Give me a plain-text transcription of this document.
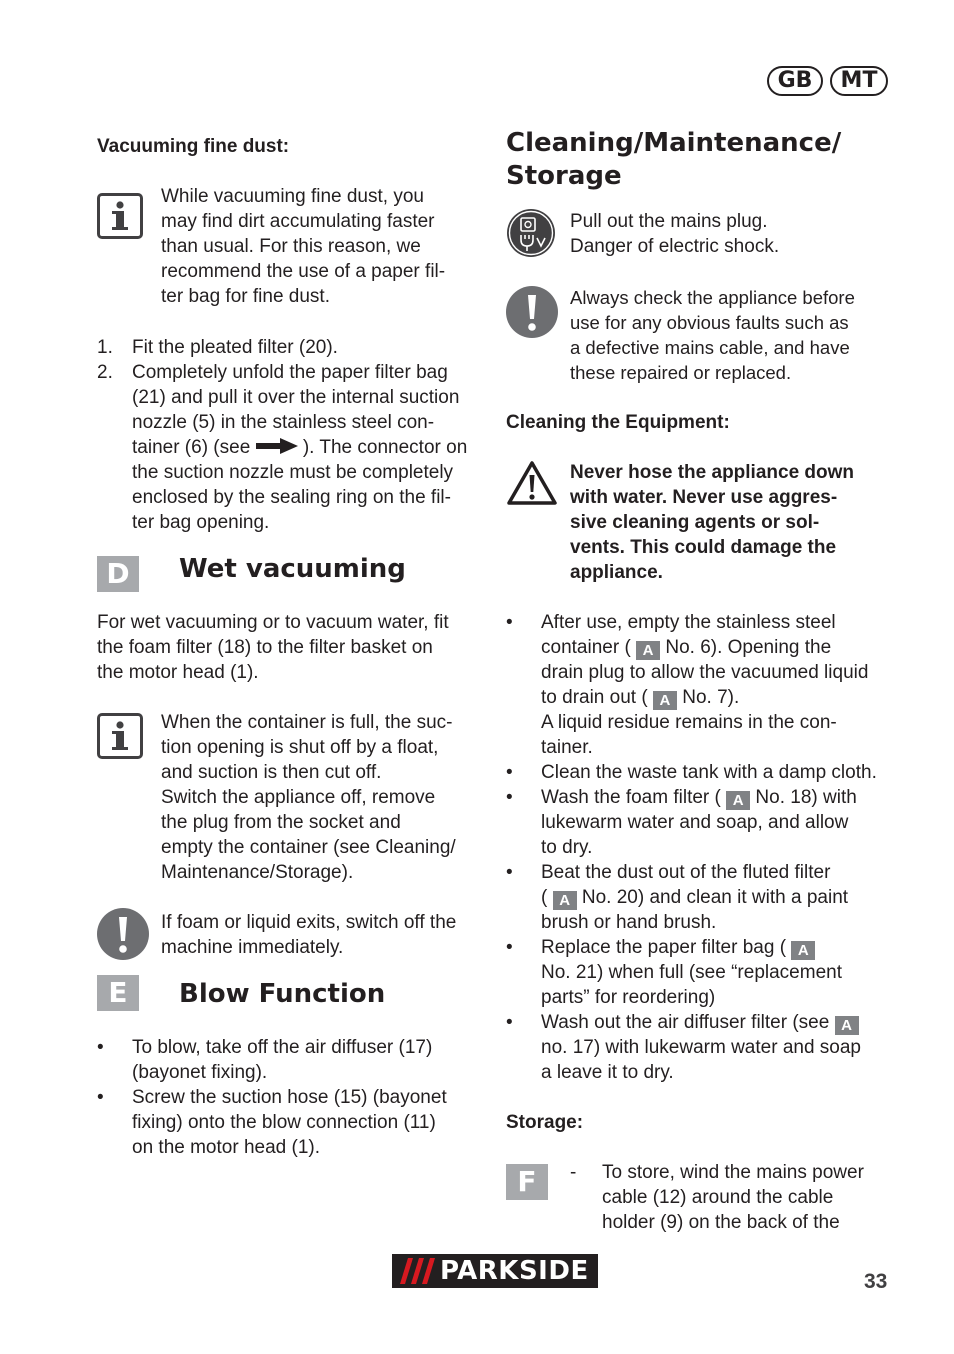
GB	MT
Vacuuming fine dust:
While vacuuming fine dust, you
may find dirt accumulating faster
than usual. For this reason, we
recommend the use of a paper fil-
ter bag for fine dust.
1. Fit the pleated filter (20).
2. Completely unfold the paper filter bag
(21) and pull it over the internal suction
nozzle (5) in the stainless steel con-
tainer (6) (see	). The connector on
the suction nozzle must be completely
enclosed by the sealing ring on the fil-
ter bag opening.
D	Wet vacuuming
For wet vacuuming or to vacuum water, fit
the foam filter (18) to the filter basket on
the motor head (1).
When the container is full, the suc-
tion opening is shut off by a float,
and suction is then cut off.
Switch the appliance off, remove
the plug from the socket and
empty the container (see Cleaning/
Maintenance/Storage).
If foam or liquid exits, switch off the
machine immediately.
E	Blow Function
• To blow, take off the air diffuser (17)
(bayonet fixing).
• Screw the suction hose (15) (bayonet
fixing) onto the blow connection (11)
on the motor head (1).
Cleaning/Maintenance/
Storage
Pull out the mains plug.
Danger of electric shock.
Always check the appliance before
use for any obvious faults such as
a defective mains cable, and have
these repaired or replaced.
Cleaning the Equipment:
Never hose the appliance down
with water. Never use aggres-
sive cleaning agents or sol-
vents. This could damage the
appliance.
• After use, empty the stainless steel
container ( A No. 6). Opening the
drain plug to allow the vacuumed liquid
to drain out ( A No. 7).
A liquid residue remains in the con-
tainer.
• Clean the waste tank with a damp cloth.
• Wash the foam filter ( A No. 18) with
lukewarm water and soap, and allow
to dry.
• Beat the dust out of the fluted filter
( A No. 20) and clean it with a paint
brush or hand brush.
• Replace the paper filter bag ( A
No. 21) when full (see “replacement
parts” for reordering)
• Wash out the air diffuser filter (see A
no. 17) with lukewarm water and soap
a leave it to dry.
Storage:
F	- To store, wind the mains power
cable (12) around the cable
holder (9) on the back of the
PARKSIDE	33
